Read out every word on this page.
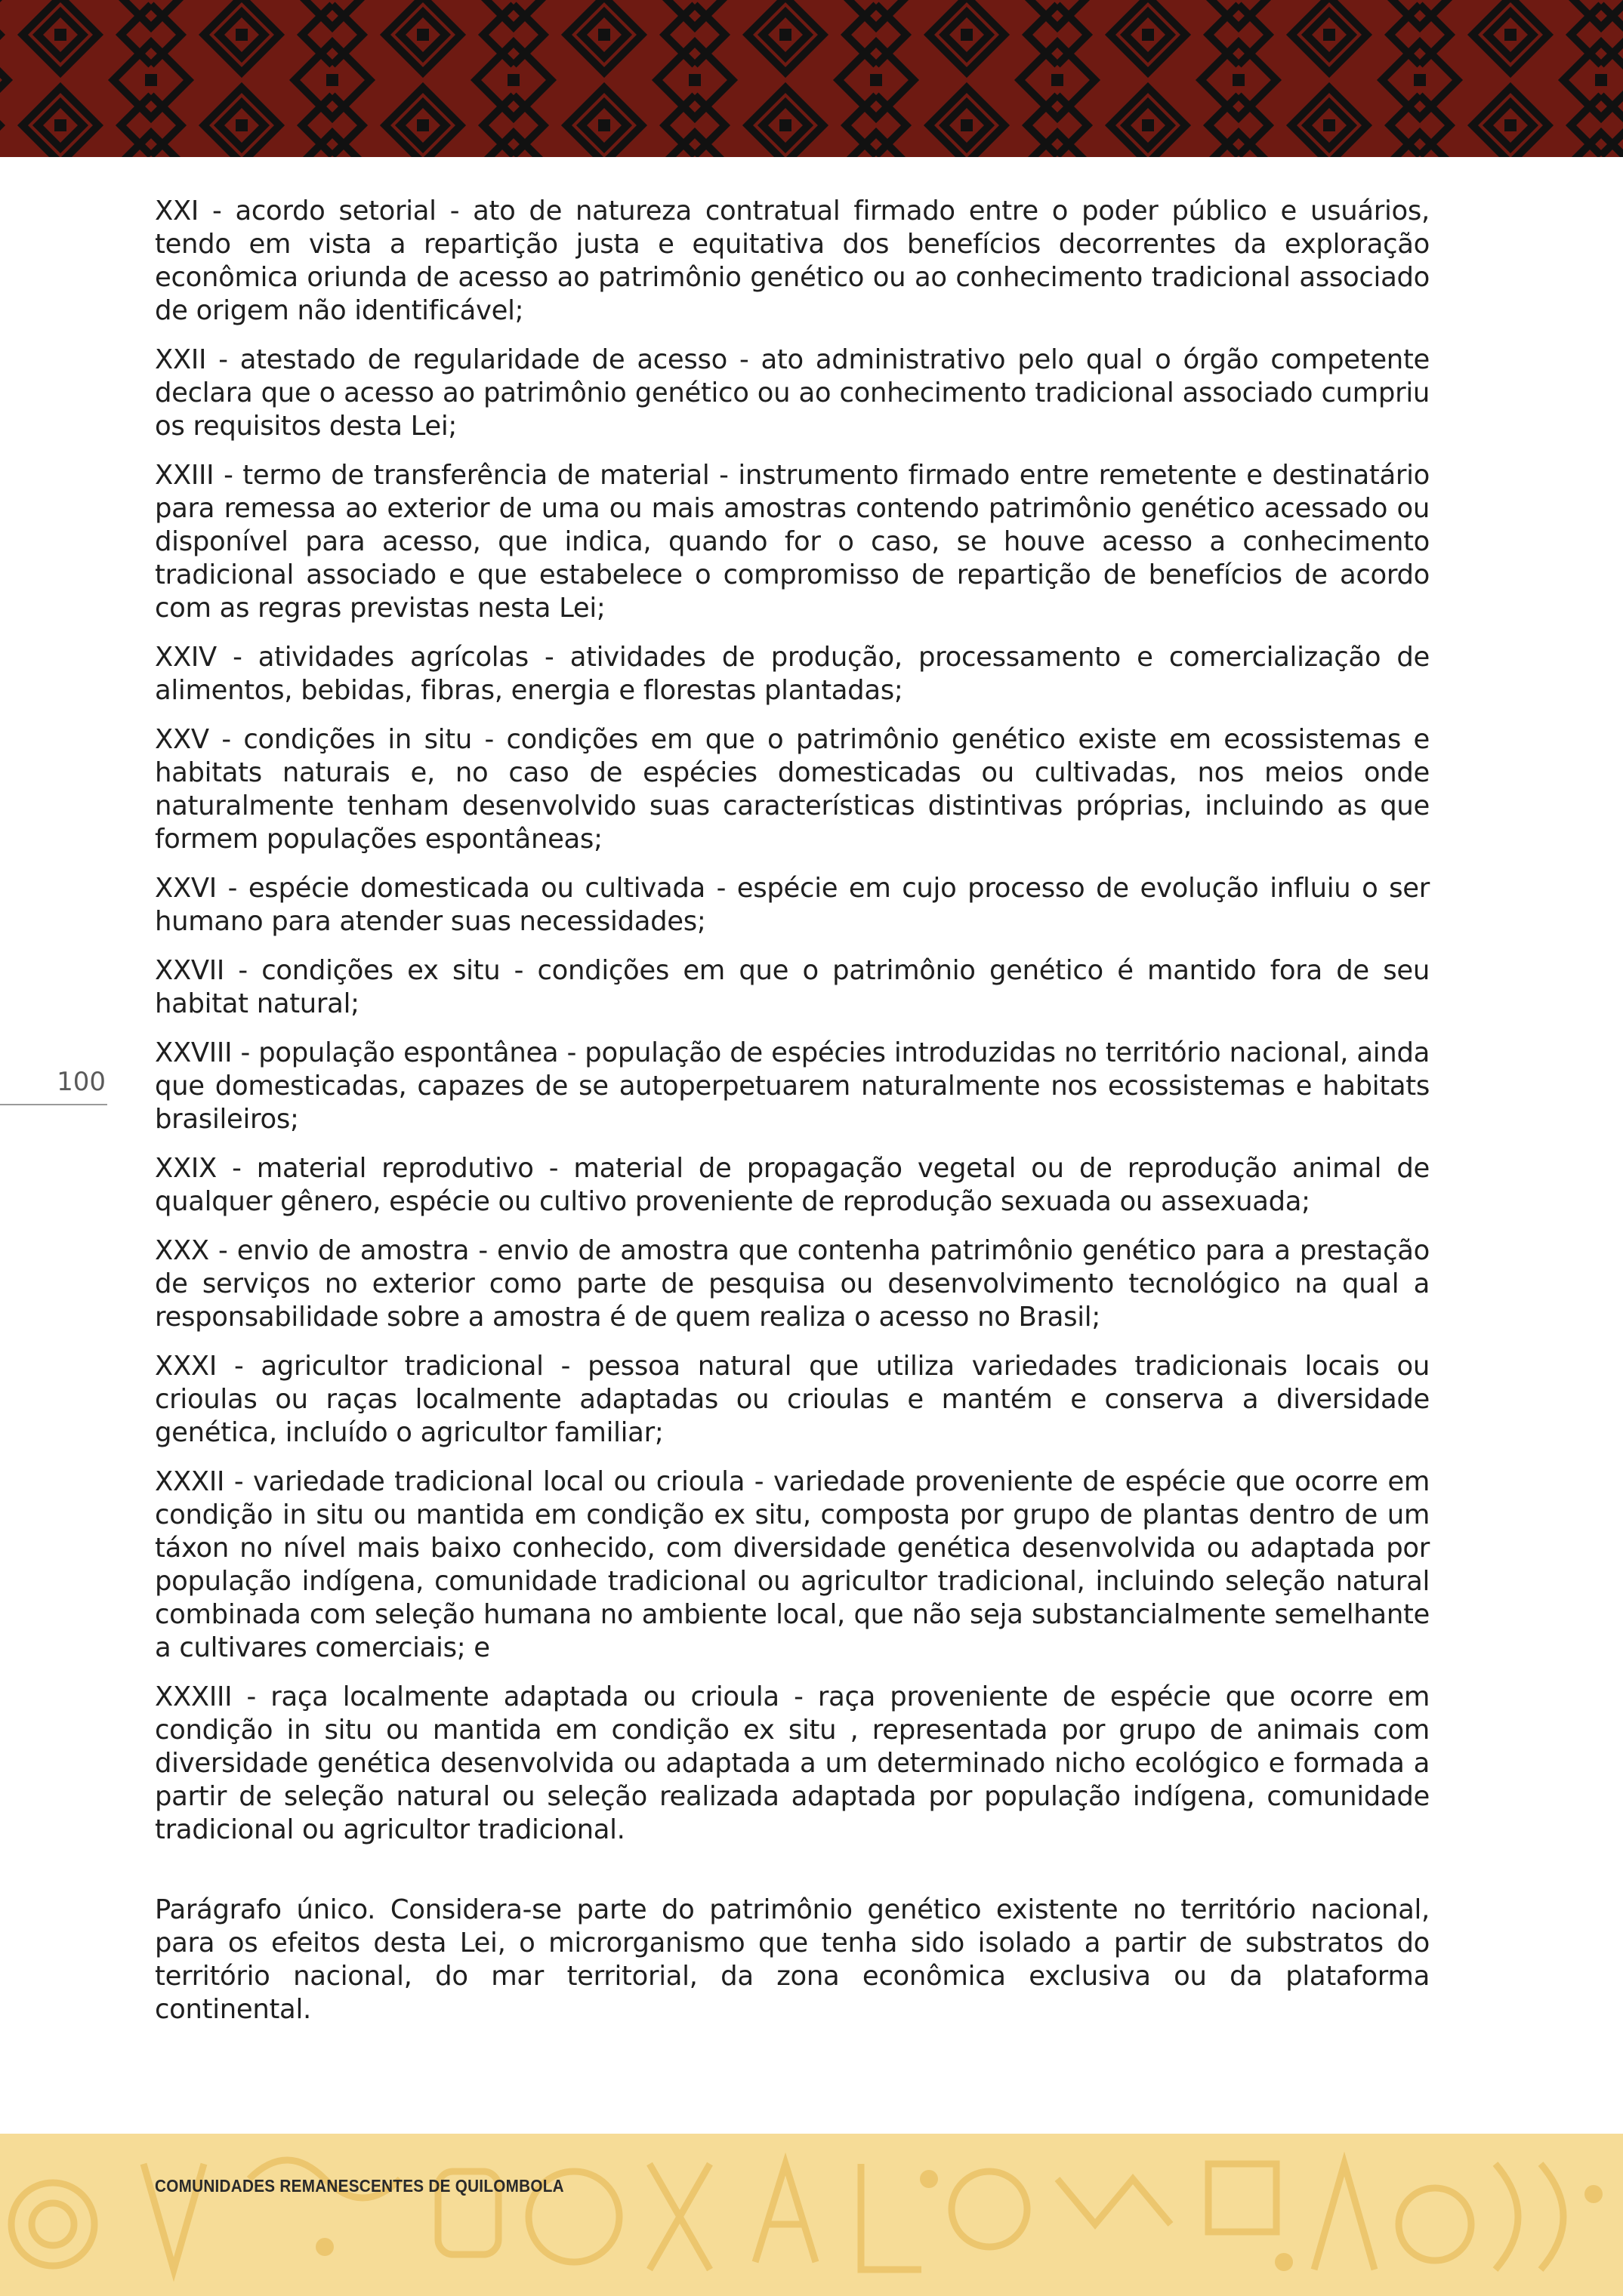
100

XXI - acordo setorial - ato de natureza contratual firmado entre o poder público e usuários, tendo em vista a repartição justa e equitativa dos benefícios decorrentes da exploração econômica oriunda de acesso ao patrimônio genético ou ao conhecimento tradicional associado de origem não identificável;

XXII - atestado de regularidade de acesso - ato administrativo pelo qual o órgão competente declara que o acesso ao patrimônio genético ou ao conhecimento tradicional associado cumpriu os requisitos desta Lei;

XXIII - termo de transferência de material - instrumento firmado entre remetente e destinatário para remessa ao exterior de uma ou mais amostras contendo patrimônio genético acessado ou disponível para acesso, que indica, quando for o caso, se houve acesso a conhecimento tradicional associado e que estabelece o compromisso de repartição de benefícios de acordo com as regras previstas nesta Lei;

XXIV - atividades agrícolas - atividades de produção, processamento e comercialização de alimentos, bebidas, fibras, energia e florestas plantadas;

XXV - condições in situ - condições em que o patrimônio genético existe em ecossistemas e habitats naturais e, no caso de espécies domesticadas ou cultivadas, nos meios onde naturalmente tenham desenvolvido suas características distintivas próprias, incluindo as que formem populações espontâneas;

XXVI - espécie domesticada ou cultivada - espécie em cujo processo de evolução influiu o ser humano para atender suas necessidades;

XXVII - condições ex situ - condições em que o patrimônio genético é mantido fora de seu habitat natural;

XXVIII - população espontânea - população de espécies introduzidas no território nacional, ainda que domesticadas, capazes de se autoperpetuarem naturalmente nos ecossistemas e habitats brasileiros;

XXIX - material reprodutivo - material de propagação vegetal ou de reprodução animal de qualquer gênero, espécie ou cultivo proveniente de reprodução sexuada ou assexuada;

XXX - envio de amostra - envio de amostra que contenha patrimônio genético para a prestação de serviços no exterior como parte de pesquisa ou desenvolvimento tecnológico na qual a responsabilidade sobre a amostra é de quem realiza o acesso no Brasil;

XXXI - agricultor tradicional - pessoa natural que utiliza variedades tradicionais locais ou crioulas ou raças localmente adaptadas ou crioulas e mantém e conserva a diversidade genética, incluído o agricultor familiar;

XXXII - variedade tradicional local ou crioula - variedade proveniente de espécie que ocorre em condição in situ ou mantida em condição ex situ, composta por grupo de plantas dentro de um táxon no nível mais baixo conhecido, com diversidade genética desenvolvida ou adaptada por população indígena, comunidade tradicional ou agricultor tradicional, incluindo seleção natural combinada com seleção humana no ambiente local, que não seja substancialmente semelhante a cultivares comerciais; e

XXXIII - raça localmente adaptada ou crioula - raça proveniente de espécie que ocorre em condição in situ ou mantida em condição ex situ , representada por grupo de animais com diversidade genética desenvolvida ou adaptada a um determinado nicho ecológico e formada a partir de seleção natural ou seleção realizada adaptada por população indígena, comunidade tradicional ou agricultor tradicional.

Parágrafo único. Considera-se parte do patrimônio genético existente no território nacional, para os efeitos desta Lei, o microrganismo que tenha sido isolado a partir de substratos do território nacional, do mar territorial, da zona econômica exclusiva ou da plataforma continental.

COMUNIDADES REMANESCENTES DE QUILOMBOLA
